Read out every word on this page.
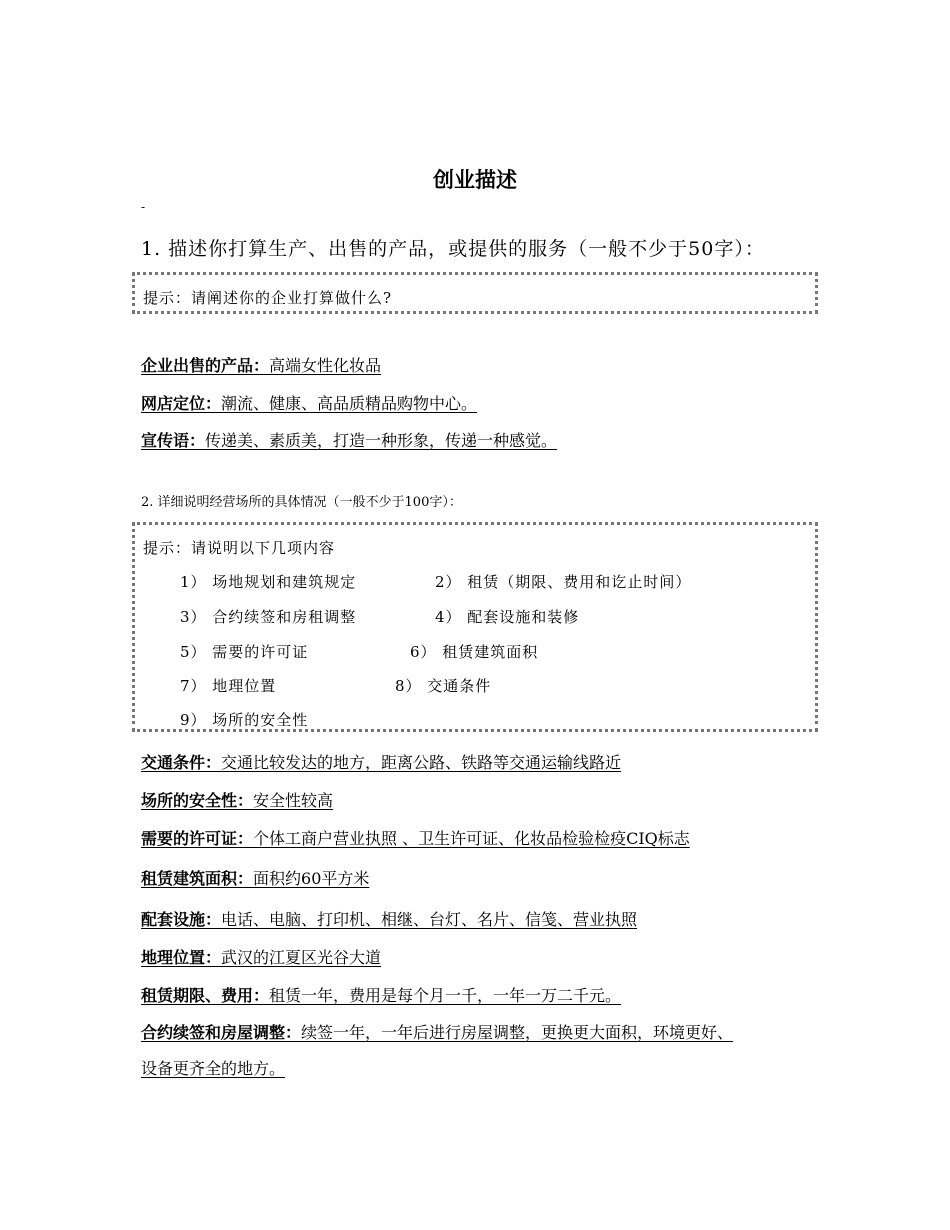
创业描述
-
1. 描述你打算生产、出售的产品，或提供的服务（一般不少于50字）：
提示：请阐述你的企业打算做什么?
企业出售的产品：高端女性化妆品
网店定位：潮流、健康、高品质精品购物中心。
宣传语：传递美、素质美，打造一种形象，传递一种感觉。
2. 详细说明经营场所的具体情况（一般不少于100字）：
提示：请说明以下几项内容
1） 场地规划和建筑规定	2） 租赁（期限、费用和讫止时间）
3） 合约续签和房租调整	4） 配套设施和装修
5） 需要的许可证	6） 租赁建筑面积
7） 地理位置	8） 交通条件
9） 场所的安全性
交通条件：交通比较发达的地方，距离公路、铁路等交通运输线路近
场所的安全性：安全性较高
需要的许可证：个体工商户营业执照 、卫生许可证、化妆品检验检疫CIQ标志
租赁建筑面积：面积约60平方米
配套设施：电话、电脑、打印机、相继、台灯、名片、信笺、营业执照
地理位置：武汉的江夏区光谷大道
租赁期限、费用：租赁一年，费用是每个月一千，一年一万二千元。
合约续签和房屋调整：续签一年，一年后进行房屋调整，更换更大面积，环境更好、
设备更齐全的地方。
